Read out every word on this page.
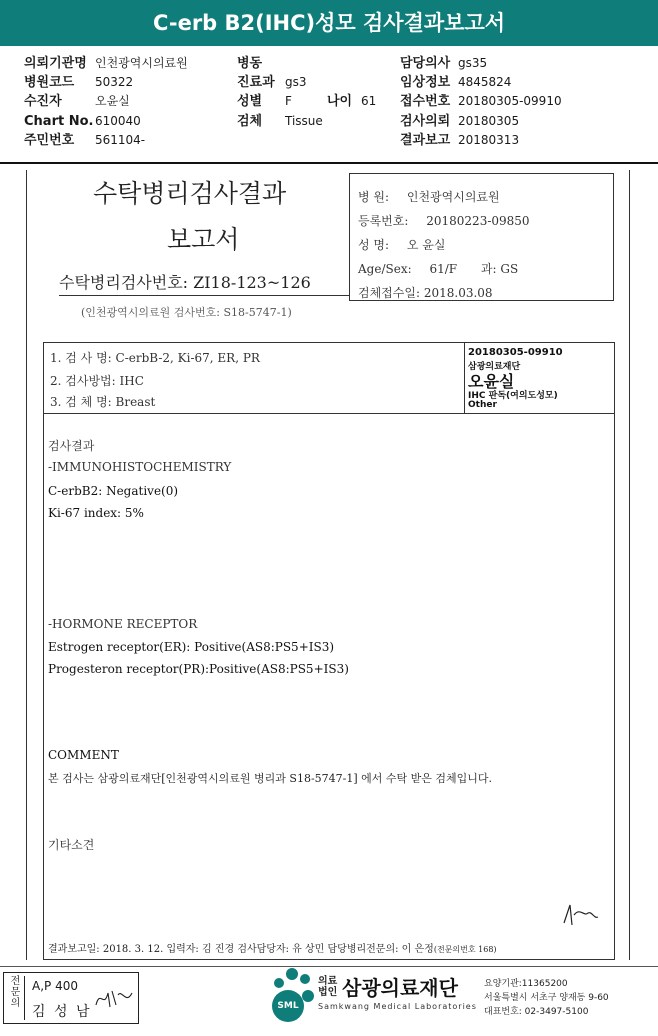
C-erb B2(IHC)성모 검사결과보고서
의뢰기관명 인천광역시의료원
병원코드 50322
수진자	오윤실
Chart No. 610040
주민번호 561104-
병동
진료과 gs3
성별 F	나이 61
검체 Tissue
담당의사 gs35
임상정보 4845824
접수번호 20180305-09910
검사의뢰 20180305
결과보고 20180313
수탁병리검사결과
보고서
수탁병리검사번호: ZI18-123~126
(인천광역시의료원 검사번호: S18-5747-1)
병 원: 인천광역시의료원
등록번호: 20180223-09850
성 명: 오 윤실
Age/Sex: 61/F 과: GS
검체접수일: 2018.03.08
1. 검 사 명: C-erbB-2, Ki-67, ER, PR
2. 검사방법: IHC
3. 검 체 명: Breast
20180305-09910
삼광의료재단
오윤실
IHC 판독(여의도성모)
Other
검사결과
-IMMUNOHISTOCHEMISTRY
C-erbB2: Negative(0)
Ki-67 index: 5%
-HORMONE RECEPTOR
Estrogen receptor(ER): Positive(AS8:PS5+IS3)
Progesteron receptor(PR):Positive(AS8:PS5+IS3)
COMMENT
본 검사는 삼광의료재단[인천광역시의료원 병리과 S18-5747-1] 에서 수탁 받은 검체입니다.
기타소견
결과보고일: 2018. 3. 12. 입력자: 김 진경 검사담당자: 유 상민 담당병리전문의: 이 은정(전문의번호 168)
전문의
A,P 400
김 성 남	SML
의료
법인 삼광의료재단
Samkwang Medical Laboratories
요양기관:11365200
서울특별시 서초구 양재동 9-60
대표번호: 02-3497-5100
